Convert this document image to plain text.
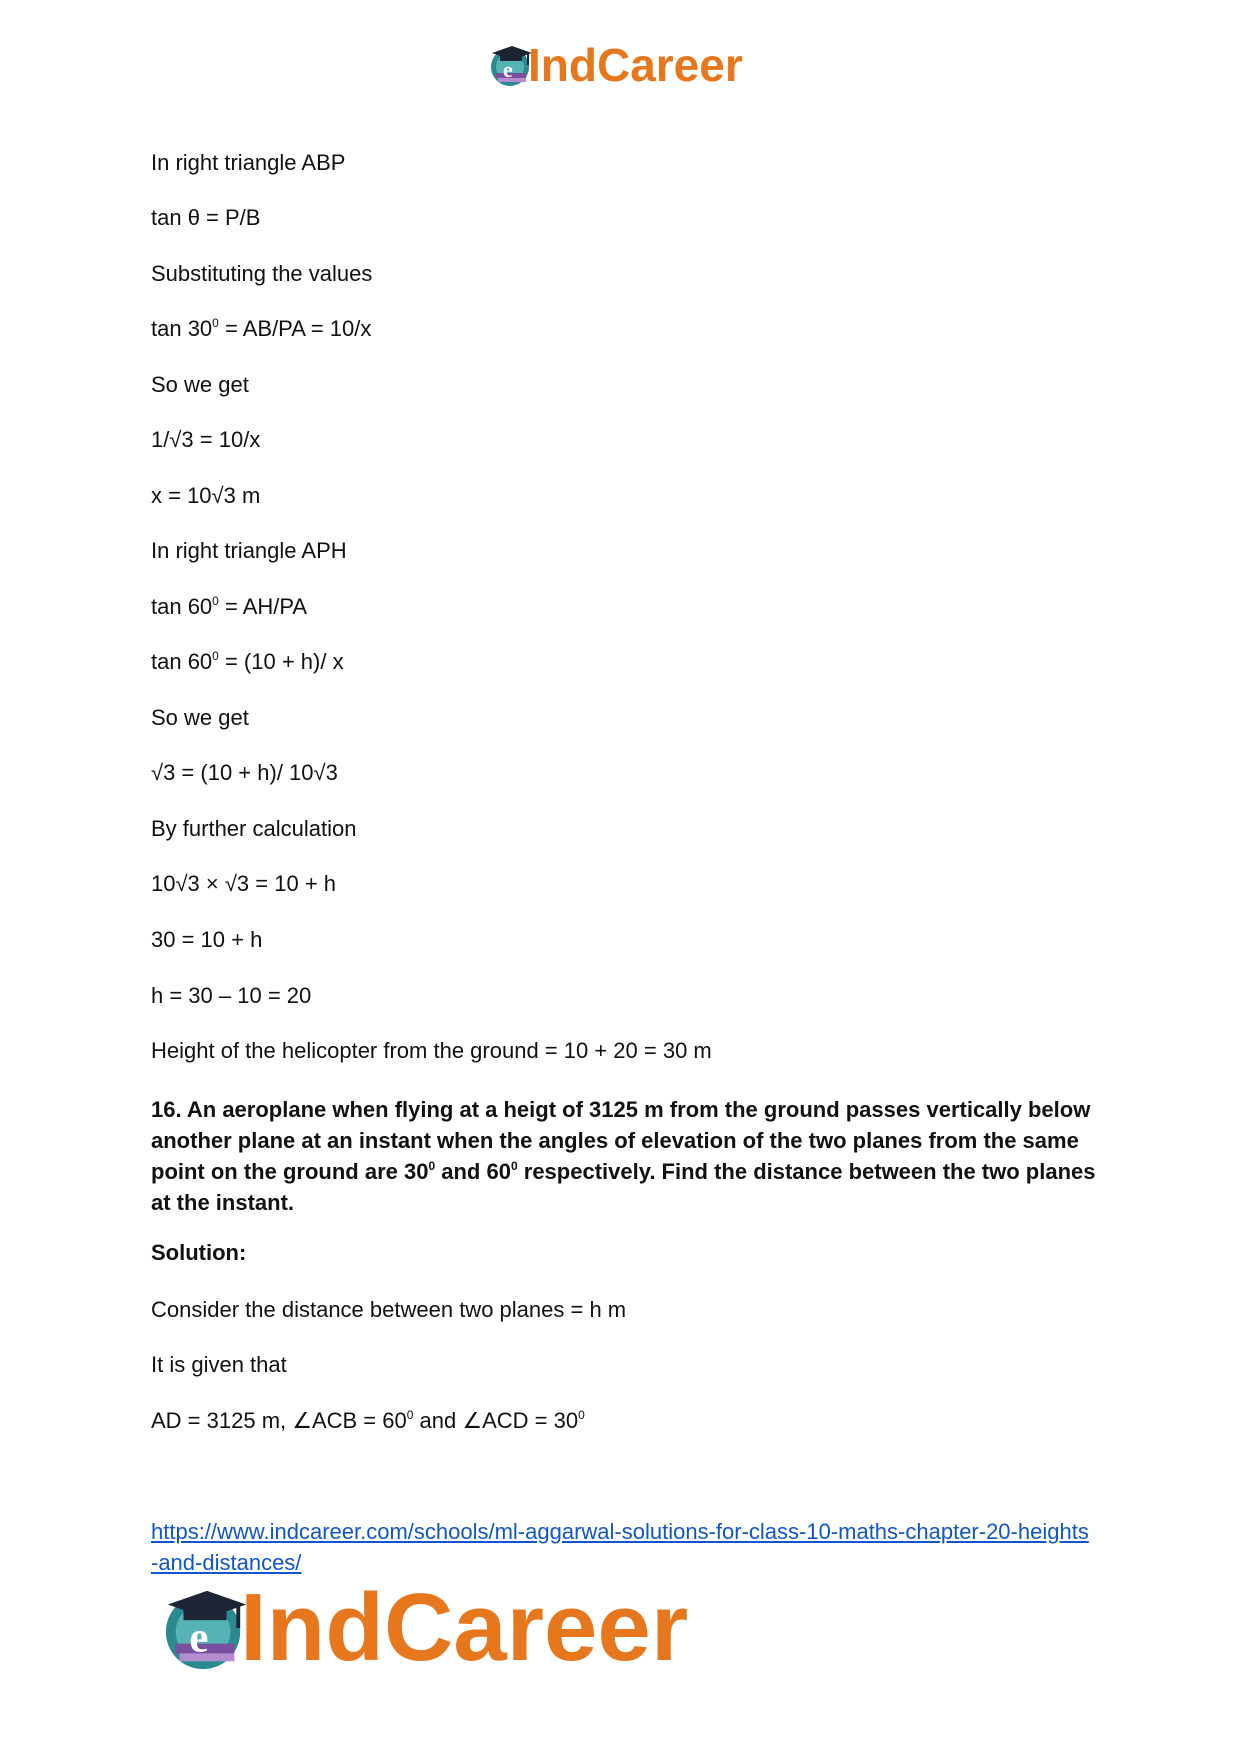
e IndCareer
In right triangle ABP
tan θ = P/B
Substituting the values
$\tan 30^0 = AB/PA = 10/x$
So we get
1/√3 = 10/x
x = 10√3 m
In right triangle APH
$\tan 60^0 = AH/PA$
$\tan 60^0 = (10 + h)/$ x
So we get
√3 = (10 + h)/ 10√3
By further calculation
10√3 × √3 = 10 + h
30 = 10 + h
h = 30 – 10 = 20
Height of the helicopter from the ground = 10 + 20 = 30 m
16. An aeroplane when flying at a heigt of 3125 m from the ground passes vertically below another plane at an instant when the angles of elevation of the two planes from the same point on the ground are $30^0$ and $60^0$ respectively. Find the distance between the two planes at the instant.
Solution:
Consider the distance between two planes = h m
It is given that
AD = 3125 m, ∠ACB = $60^0$ and ∠ACD = $30^0$
https://www.indcareer.com/schools/ml-aggarwal-solutions-for-class-10-maths-chapter-20-heights-and-distances/
e IndCareer
